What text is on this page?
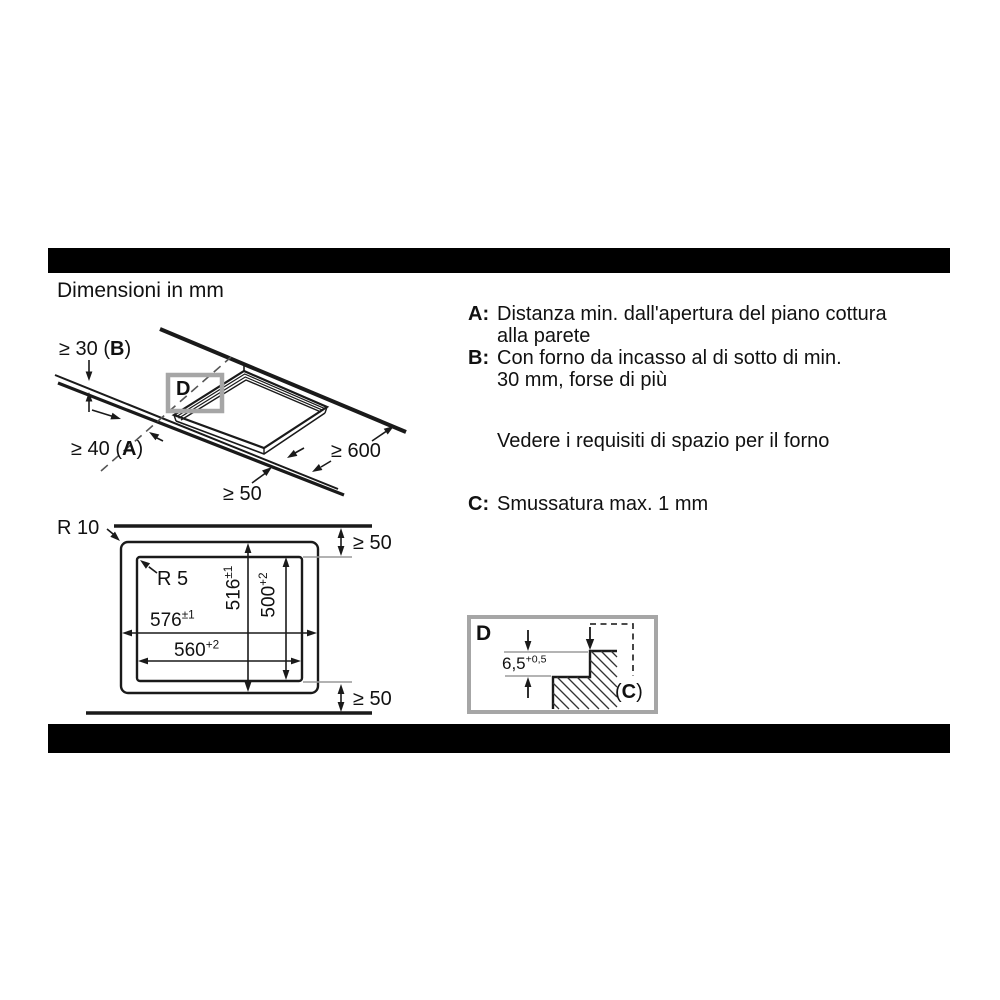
Dimensioni in mm
≥ 30 (B)
≥ 40 (A)
≥ 50
≥ 600
D
R 10
R 5
$576^{\pm 1}$
$560^{+2}$
$516^{\pm 1}$
$500^{+2}$
≥ 50
≥ 50
D
$6,5^{+0,5}$
(C)
A: Distanza min. dall'apertura del piano cottura
alla parete
B: Con forno da incasso al di sotto di min.
30 mm, forse di più
Vedere i requisiti di spazio per il forno
C: Smussatura max. 1 mm
